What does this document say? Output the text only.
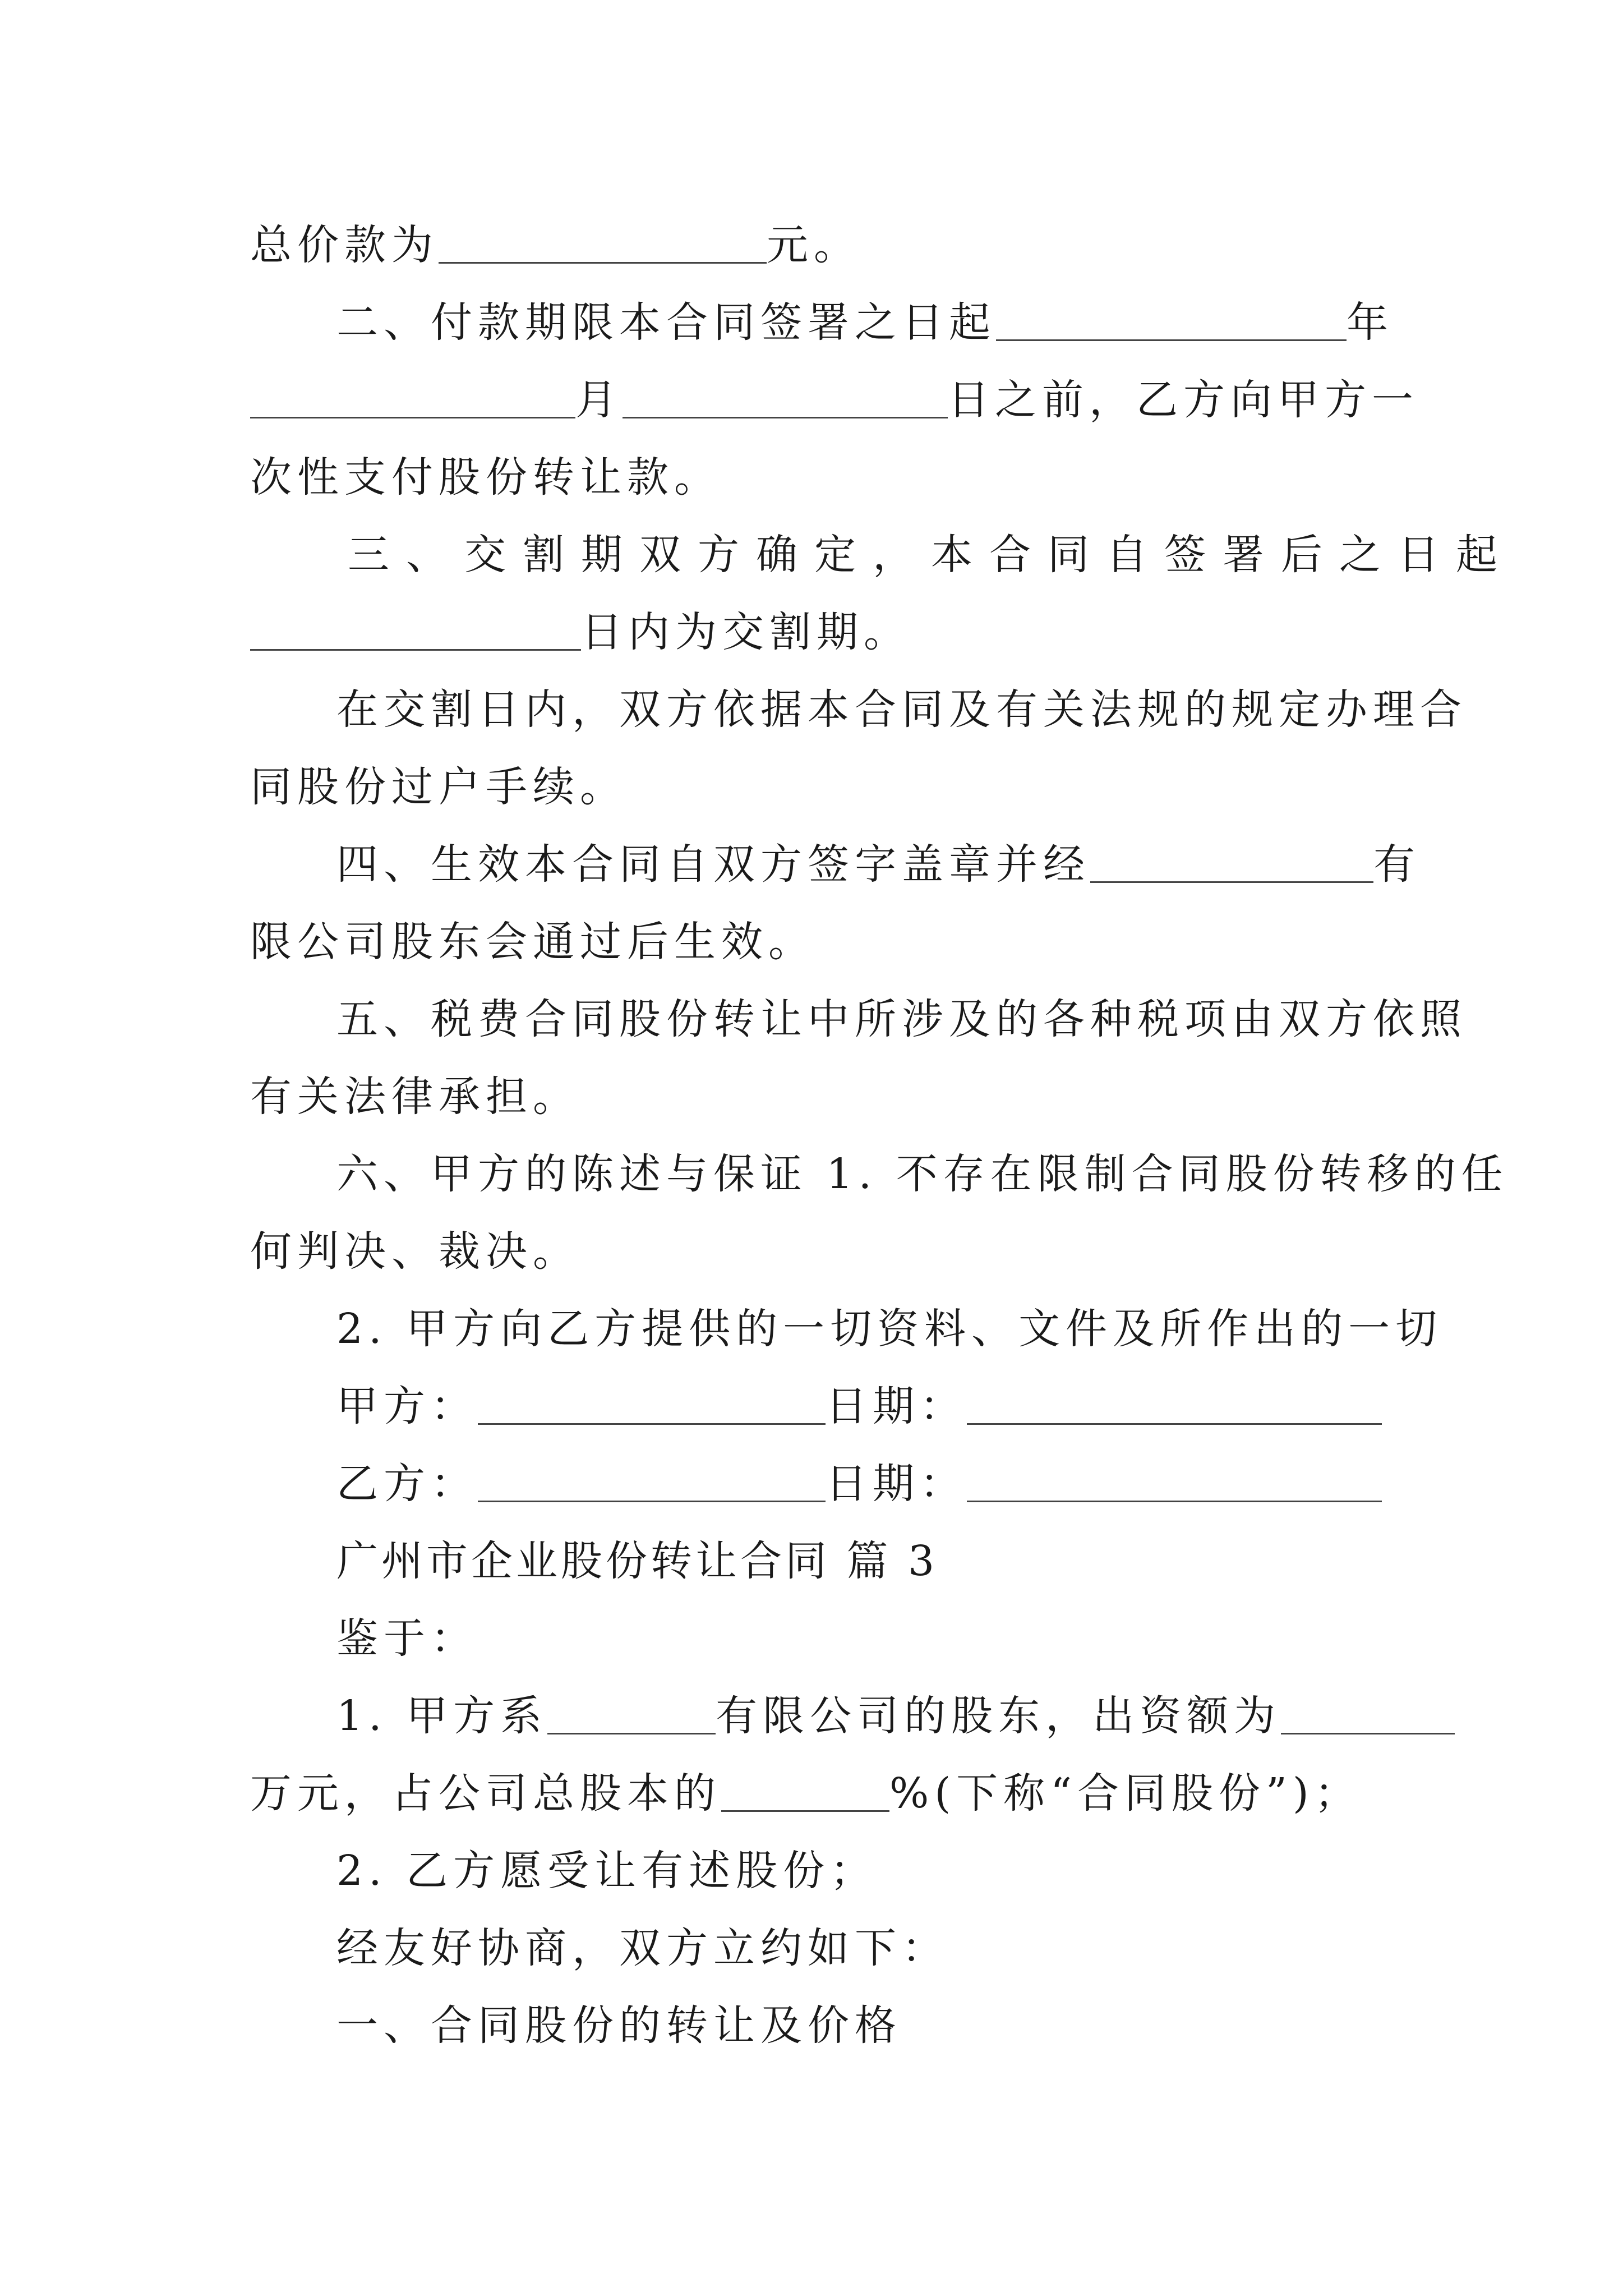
总价款为	元。
二、付款期限本合同签署之日起	年
月	日之前，乙方向甲方一
次性支付股份转让款。
三、交割期双方确定，本合同自签署后之日起
日内为交割期。
在交割日内，双方依据本合同及有关法规的规定办理合
同股份过户手续。
四、生效本合同自双方签字盖章并经	有
限公司股东会通过后生效。
五、税费合同股份转让中所涉及的各种税项由双方依照
有关法律承担。
六、甲方的陈述与保证 1. 不存在限制合同股份转移的任
何判决、裁决。
2. 甲方向乙方提供的一切资料、文件及所作出的一切
甲方：	日期：
乙方：	日期：
广州市企业股份转让合同 篇 3
鉴于：
1. 甲方系	有限公司的股东，出资额为
万元，占公司总股本的	%(下称“合同股份”)；
2. 乙方愿受让有述股份；
经友好协商，双方立约如下：
一、合同股份的转让及价格
